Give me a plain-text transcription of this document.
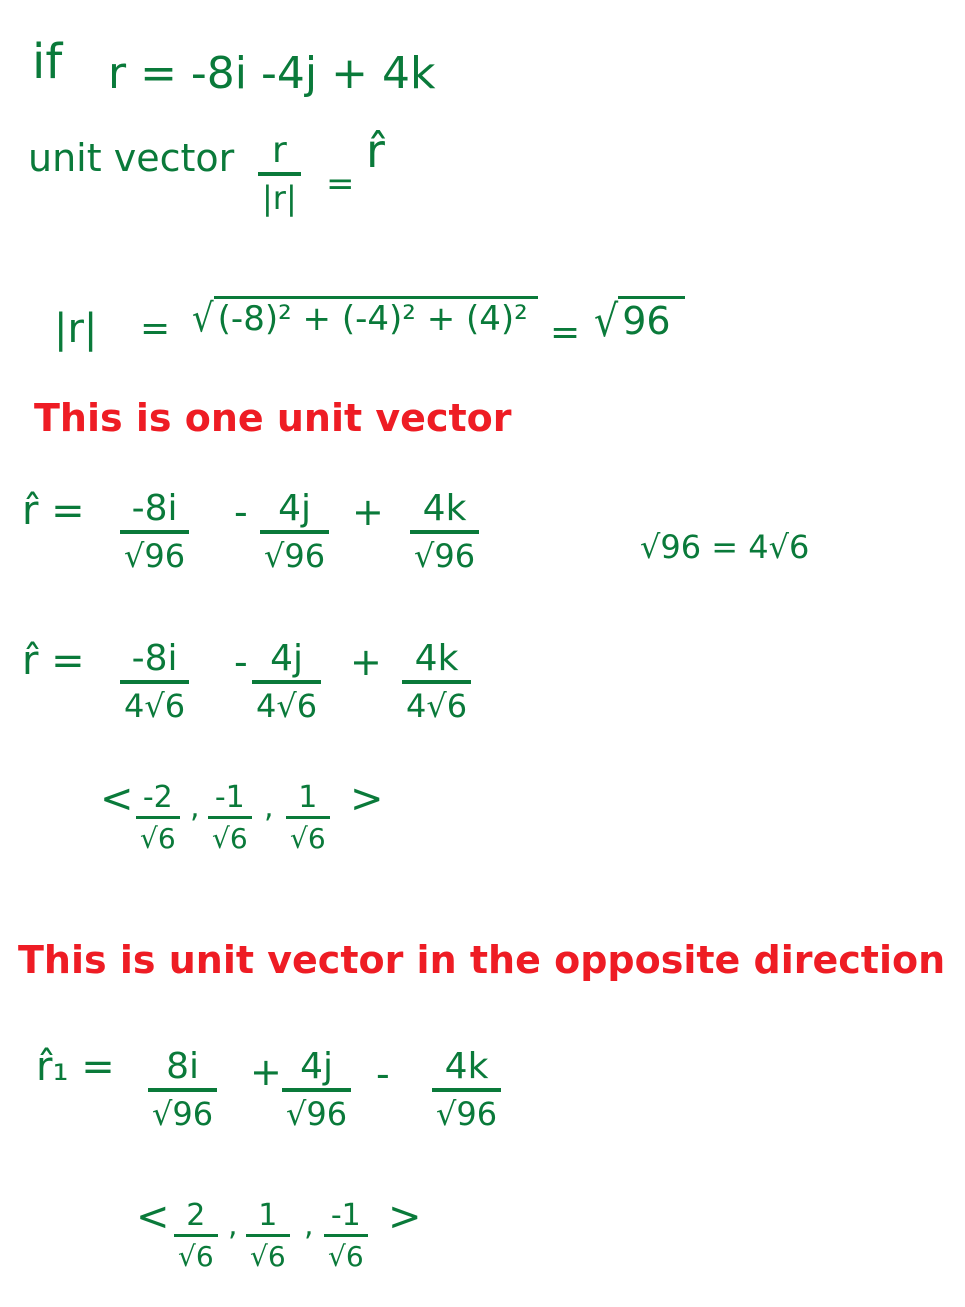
if r = -8i -4j + 4k
unit vector r
|r| =
r̂
|r| = √ (-8)² + (-4)² + (4)² = √ 96
This is one unit vector
r̂ = -8i
√96
- 4j
√96
+ 4k
√96	√96 = 4√6
r̂ = -8i
4√6
- 4j
4√6
+ 4k
4√6
< -2
√6
, -1
√6
, 1
√6
>
This is unit vector in the opposite direction
r̂₁ = 8i
√96
+ 4j
√96
- 4k
√96
< 2
√6
, 1
√6
, -1
√6
>
